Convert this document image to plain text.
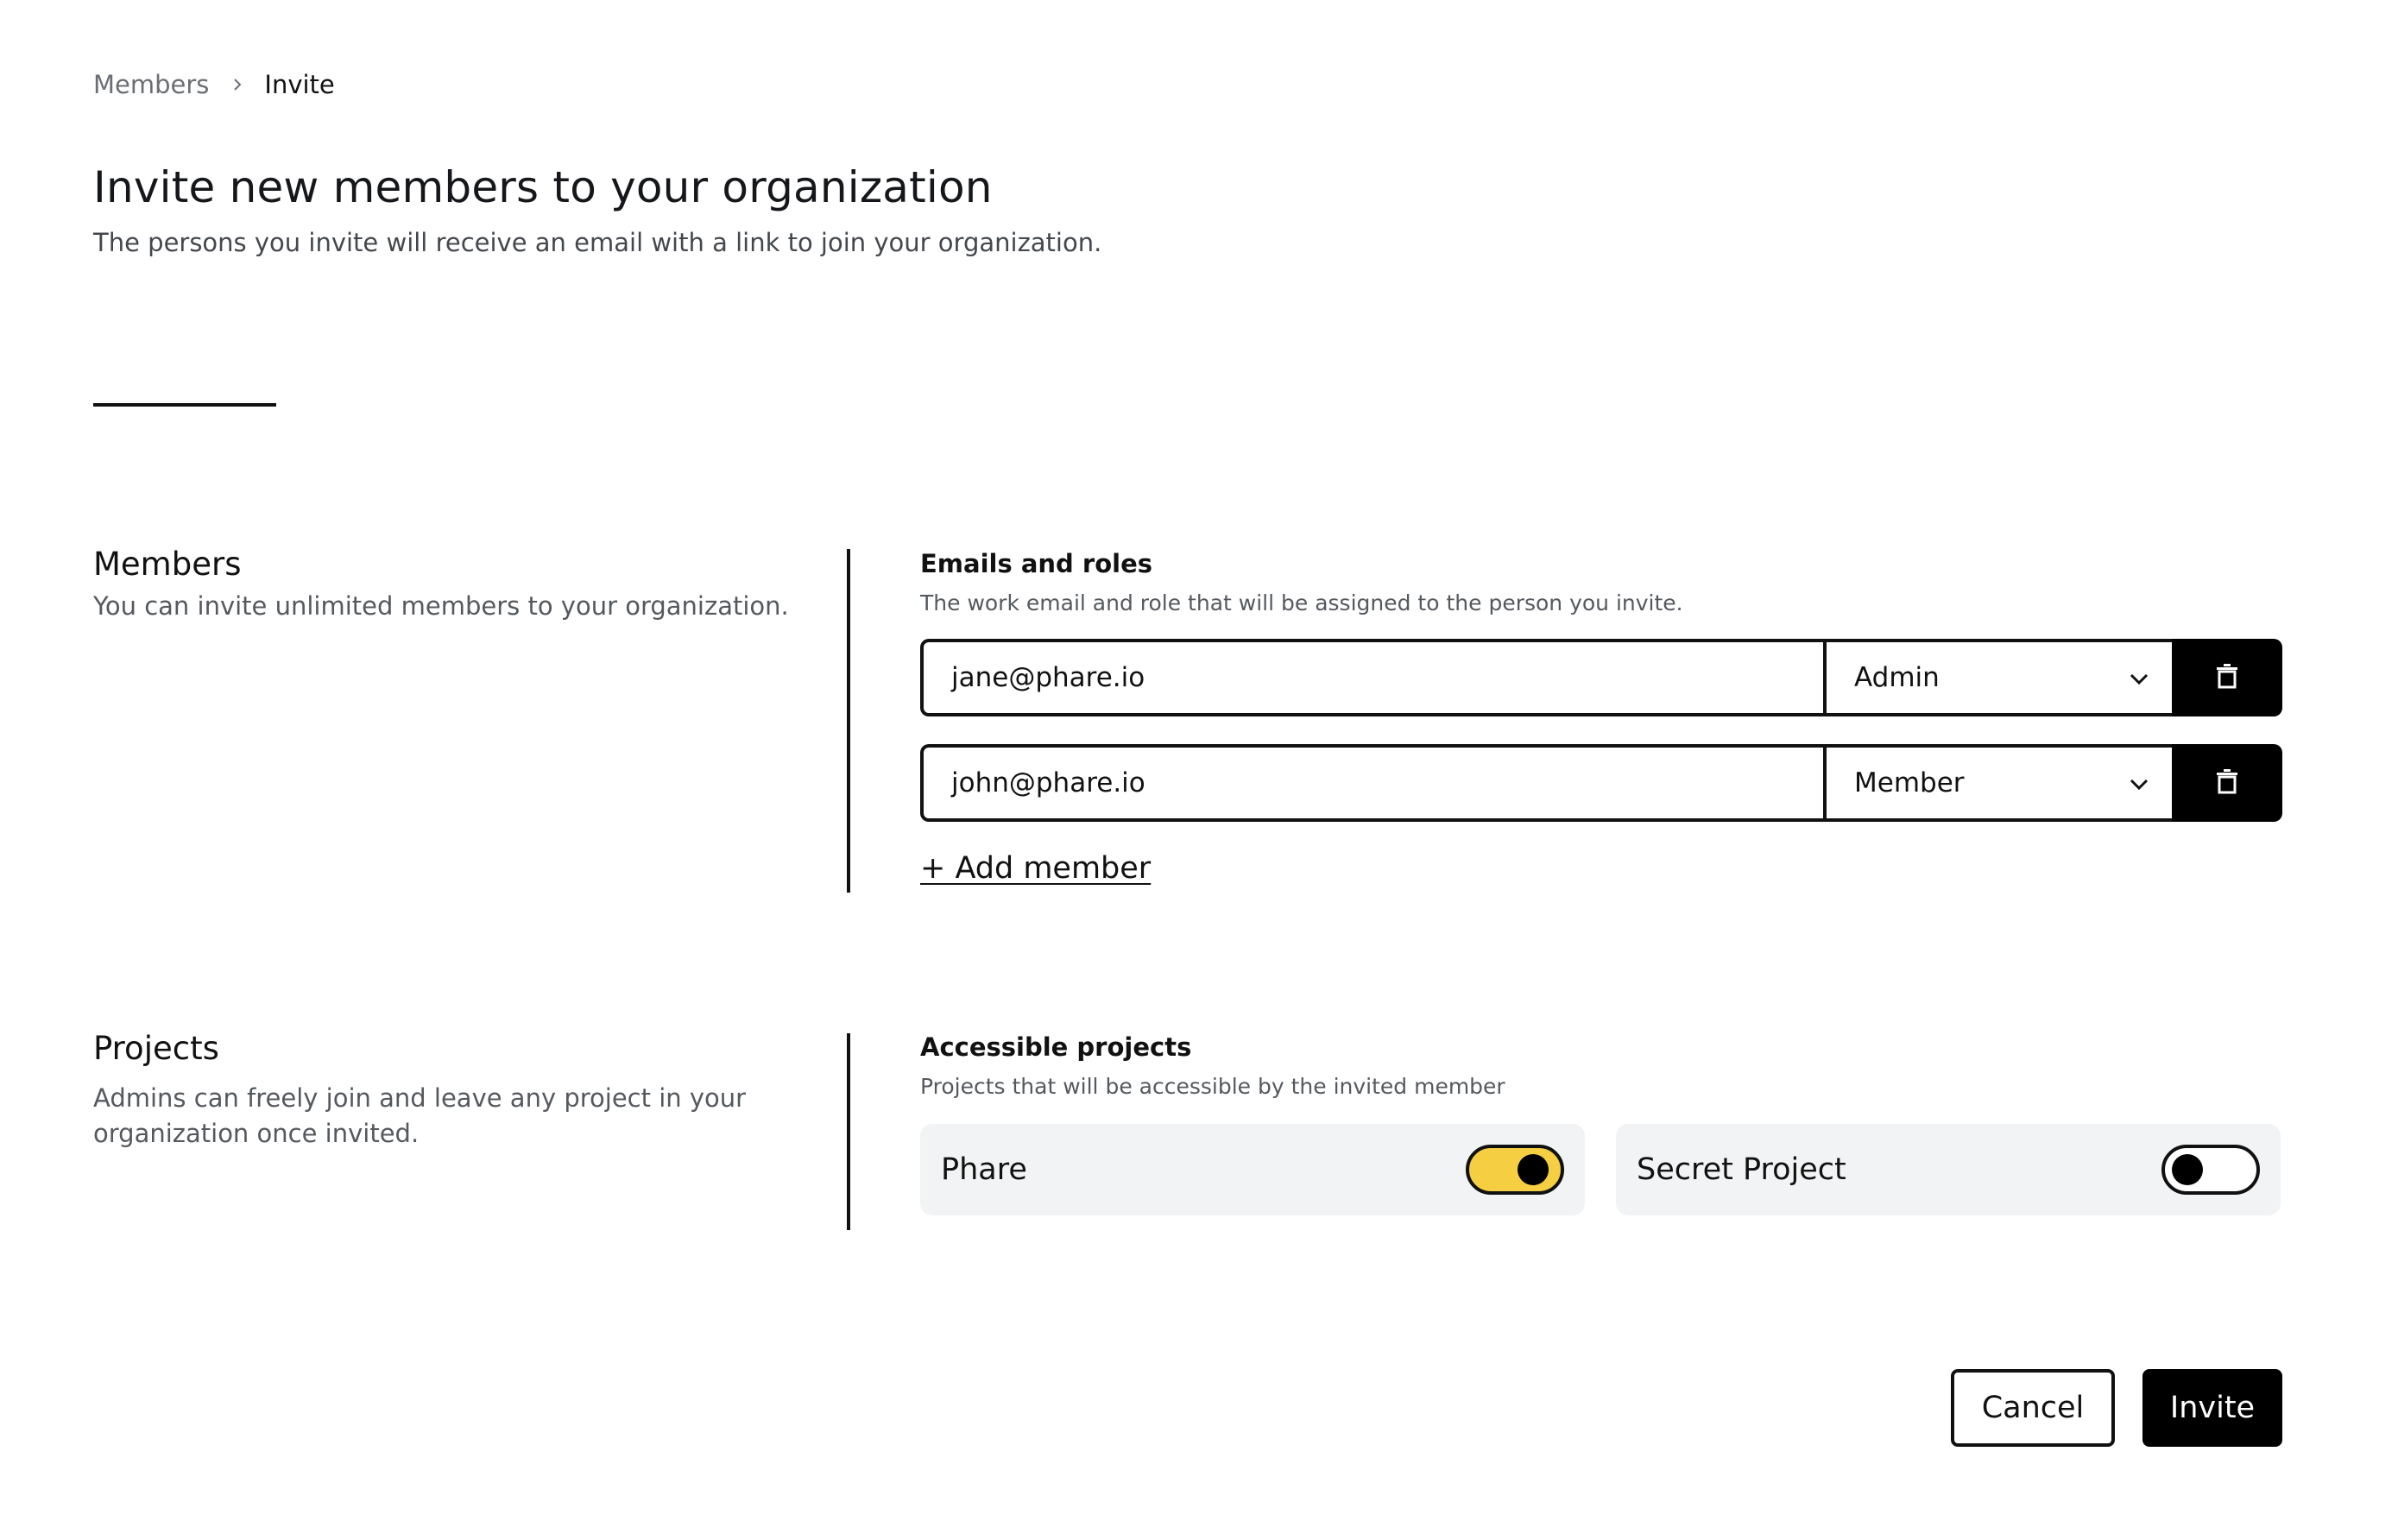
Members Invite
Invite new members to your organization
The persons you invite will receive an email with a link to join your organization.
Members
You can invite unlimited members to your organization.
Emails and roles
The work email and role that will be assigned to the person you invite.
jane@phare.io	Admin
john@phare.io	Member
+ Add member
Projects
Admins can freely join and leave any project in your organization once invited.
Accessible projects
Projects that will be accessible by the invited member
Phare	Secret Project
Cancel	Invite
